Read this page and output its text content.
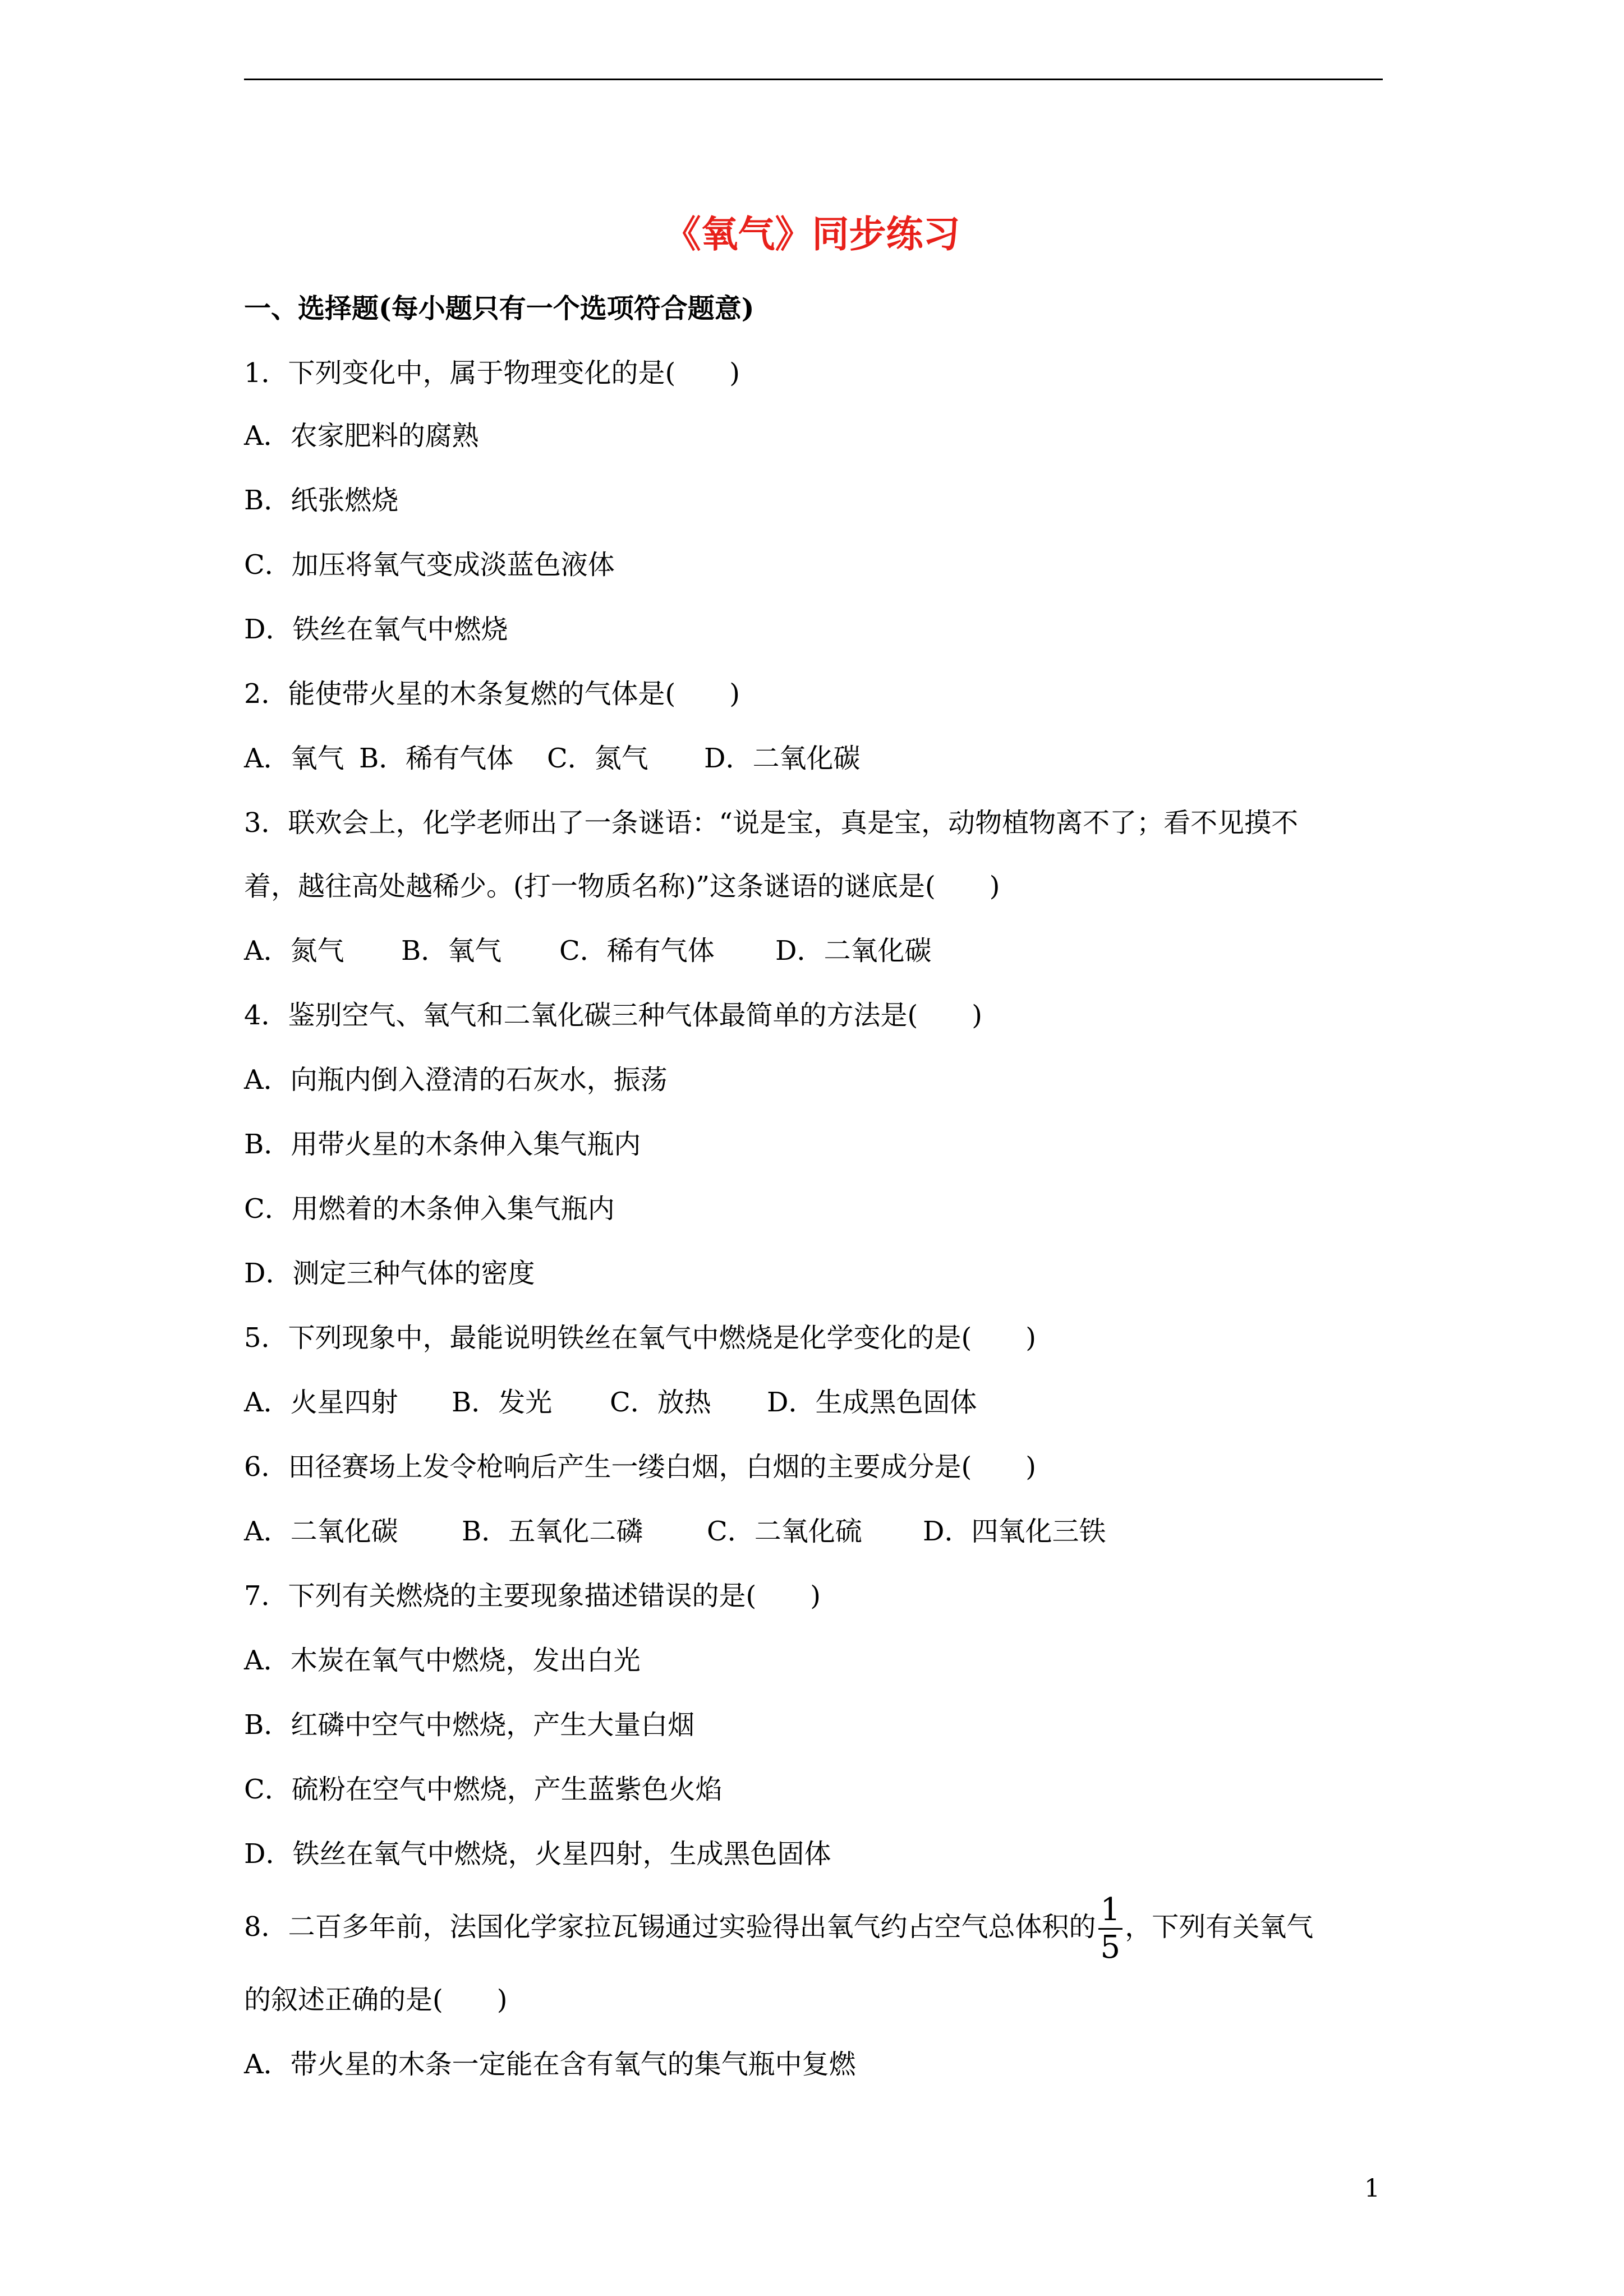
《氧气》同步练习
一、选择题(每小题只有一个选项符合题意)
1．下列变化中，属于物理变化的是(　　)
A．农家肥料的腐熟
B．纸张燃烧
C．加压将氧气变成淡蓝色液体
D．铁丝在氧气中燃烧
2．能使带火星的木条复燃的气体是(　　)
A．氧气 B．稀有气体 C．氮气 D．二氧化碳
3．联欢会上，化学老师出了一条谜语：“说是宝，真是宝，动物植物离不了；看不见摸不
着，越往高处越稀少。(打一物质名称)”这条谜语的谜底是(　　)
A．氮气 B．氧气 C．稀有气体 D．二氧化碳
4．鉴别空气、氧气和二氧化碳三种气体最简单的方法是(　　)
A．向瓶内倒入澄清的石灰水，振荡
B．用带火星的木条伸入集气瓶内
C．用燃着的木条伸入集气瓶内
D．测定三种气体的密度
5．下列现象中，最能说明铁丝在氧气中燃烧是化学变化的是(　　)
A．火星四射 B．发光 C．放热 D．生成黑色固体
6．田径赛场上发令枪响后产生一缕白烟，白烟的主要成分是(　　)
A．二氧化碳 B．五氧化二磷 C．二氧化硫 D．四氧化三铁
7．下列有关燃烧的主要现象描述错误的是(　　)
A．木炭在氧气中燃烧，发出白光
B．红磷中空气中燃烧，产生大量白烟
C．硫粉在空气中燃烧，产生蓝紫色火焰
D．铁丝在氧气中燃烧，火星四射，生成黑色固体
8．二百多年前，法国化学家拉瓦锡通过实验得出氧气约占空气总体积的 $\frac{1}{5}$ ，下列有关氧气
的叙述正确的是(　　)
A．带火星的木条一定能在含有氧气的集气瓶中复燃
1
